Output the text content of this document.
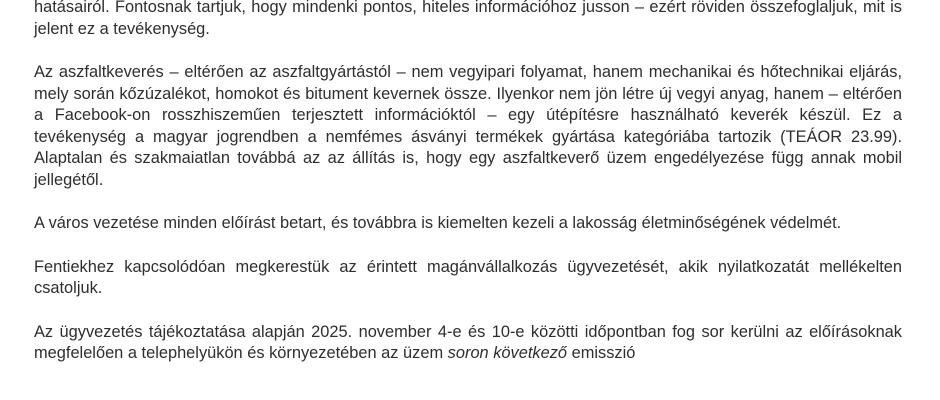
hatásairól. Fontosnak tartjuk, hogy mindenki pontos, hiteles információhoz jusson – ezért röviden összefoglaljuk, mit is jelent ez a tevékenység.

Az aszfaltkeverés – eltérően az aszfaltgyártástól – nem vegyipari folyamat, hanem mechanikai és hőtechnikai eljárás, mely során kőzúzalékot, homokot és bitument kevernek össze. Ilyenkor nem jön létre új vegyi anyag, hanem – eltérően a Facebook-on rosszhiszeműen terjesztett információktól – egy útépítésre használható keverék készül. Ez a tevékenység a magyar jogrendben a nemfémes ásványi termékek gyártása kategóriába tartozik (TEÁOR 23.99). Alaptalan és szakmaiatlan továbbá az az állítás is, hogy egy aszfaltkeverő üzem engedélyezése függ annak mobil jellegétől.

A város vezetése minden előírást betart, és továbbra is kiemelten kezeli a lakosság életminőségének védelmét.

Fentiekhez kapcsolódóan megkerestük az érintett magánvállalkozás ügyvezetését, akik nyilatkozatát mellékelten csatoljuk.

Az ügyvezetés tájékoztatása alapján 2025. november 4-e és 10-e közötti időpontban fog sor kerülni az előírásoknak megfelelően a telephelyükön és környezetében az üzem soron következő emisszió
